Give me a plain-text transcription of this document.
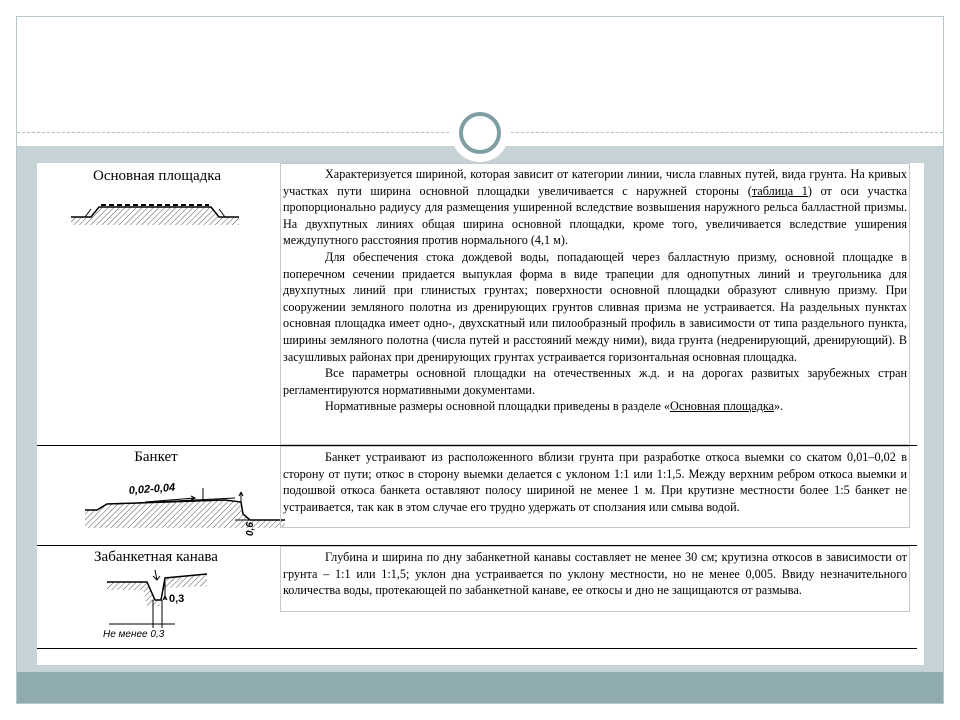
Основная площадка	Характеризуется шириной, которая зависит от категории линии, числа главных путей, вида грунта. На кривых участках пути ширина основной площадки увеличивается с наружней стороны (таблица 1) от оси участка пропорционально радиусу для размещения уширенной вследствие возвышения наружного рельса балластной призмы. На двухпутных линиях общая ширина основной площадки, кроме того, увеличивается вследствие уширения междупутного расстояния против нормального (4,1 м).

Для обеспечения стока дождевой воды, попадающей через балластную призму, основной площадке в поперечном сечении придается выпуклая форма в виде трапеции для однопутных линий и треугольника для двухпутных линий при глинистых грунтах; поверхности основной площадки образуют сливную призму. При сооружении земляного полотна из дренирующих грунтов сливная призма не устраивается. На раздельных пунктах основная площадка имеет одно-, двухскатный или пилообразный профиль в зависимости от типа раздельного пункта, ширины земляного полотна (числа путей и расстояний между ними), вида грунта (недренирующий, дренирующий). В засушливых районах при дренирующих грунтах устраивается горизонтальная основная площадка.

Все параметры основной площадки на отечественных ж.д. и на дорогах развитых зарубежных стран регламентируются нормативными документами.

Нормативные размеры основной площадки приведены в разделе «Основная площадка».

Банкет
0,02-0,04
0,6

Банкет устраивают из расположенного вблизи грунта при разработке откоса выемки со скатом 0,01–0,02 в сторону от пути; откос в сторону выемки делается с уклоном 1:1 или 1:1,5. Между верхним ребром откоса выемки и подошвой откоса банкета оставляют полосу шириной не менее 1 м. При крутизне местности более 1:5 банкет не устраивается, так как в этом случае его трудно удержать от сползания или смыва водой.

Забанкетная канава
0,3
Не менее 0,3

Глубина и ширина по дну забанкетной канавы составляет не менее 30 см; крутизна откосов в зависимости от грунта – 1:1 или 1:1,5; уклон дна устраивается по уклону местности, но не менее 0,005. Ввиду незначительного количества воды, протекающей по забанкетной канаве, ее откосы и дно не защищаются от размыва.
